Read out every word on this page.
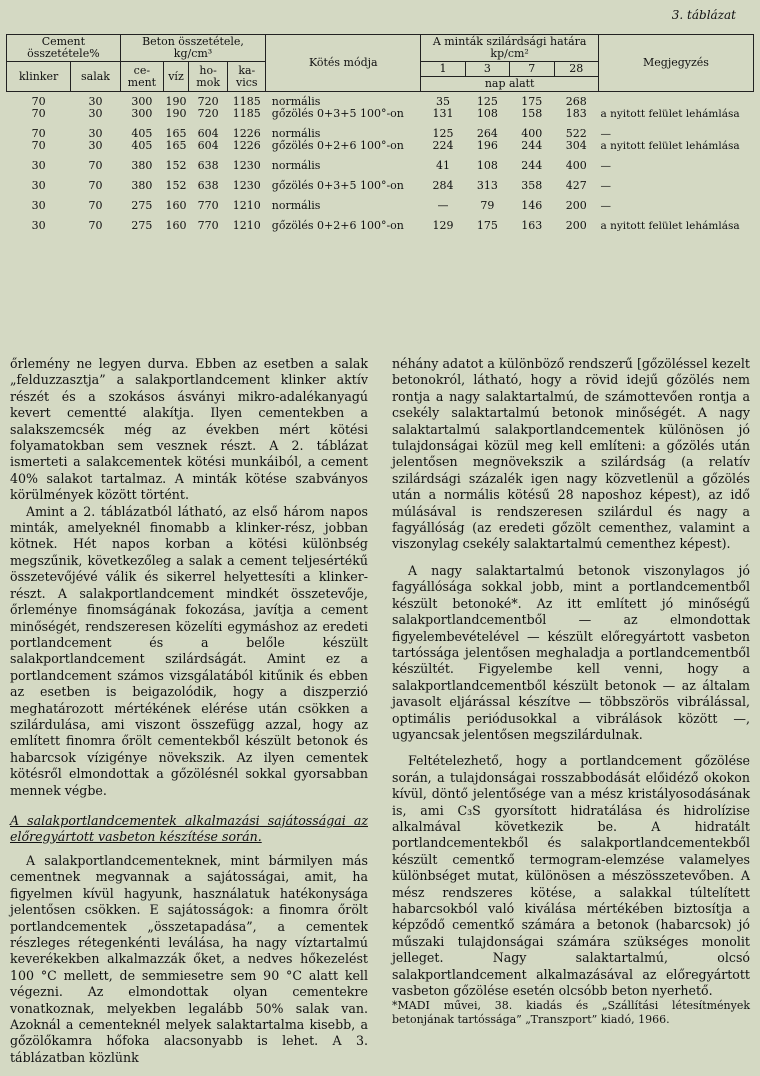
3. táblázat
Cement összetétele%		Beton összetétele, kg/cm³				Kötés módja	A minták szilárdsági határa kp/cm²				Megjegyzés
klinker	salak	cement	víz	homok	kavics		1	3	7	28	
							nap alatt				
70	30	300	190	720	1185	normális	35	125	175	268	
70	30	300	190	720	1185	gőzölés 0+3+5 100°-on	131	108	158	183	a nyitott felület lehámlása
70	30	405	165	604	1226	normális	125	264	400	522	—
70	30	405	165	604	1226	gőzölés 0+2+6 100°-on	224	196	244	304	a nyitott felület lehámlása
30	70	380	152	638	1230	normális	41	108	244	400	—
30	70	380	152	638	1230	gőzölés 0+3+5 100°-on	284	313	358	427	—
30	70	275	160	770	1210	normális	—	79	146	200	—
30	70	275	160	770	1210	gőzölés 0+2+6 100°-on	129	175	163	200	a nyitott felület lehámlása

őrlemény ne legyen durva. Ebben az esetben a salak „felduzzasztja” a salakportlandcement klinker aktív részét és a szokásos ásványi mikro-adalékanyagú kevert cementté alakítja. Ilyen cementekben a salakszemcsék még az években mért kötési folyamatokban sem vesznek részt. A 2. táblázat ismerteti a salakcementek kötési munkáiból, a cement 40% salakot tartalmaz. A minták kötése szabványos körülmények között történt.

Amint a 2. táblázatból látható, az első három napos minták, amelyeknél finomabb a klinker-rész, jobban kötnek. Hét napos korban a kötési különbség megszűnik, következőleg a salak a cement teljesértékű összetevőjévé válik és sikerrel helyettesíti a klinker-részt. A salakportlandcement mindkét összetevője, őrleménye finomságának fokozása, javítja a cement minőségét, rendszeresen közelíti egymáshoz az eredeti portlandcement és a belőle készült salakportlandcement szilárdságát. Amint ez a portlandcement számos vizsgálatából kitűnik és ebben az esetben is beigazolódik, hogy a diszperzió meghatározott mértékének elérése után csökken a szilárdulása, ami viszont összefügg azzal, hogy az említett finomra őrölt cementekből készült betonok és habarcsok vízigénye növekszik. Az ilyen cementek kötésről elmondottak a gőzölésnél sokkal gyorsabban mennek végbe.

A salakportlandcementek alkalmazási sajátosságai az előregyártott vasbeton készítése során.

A salakportlandcementeknek, mint bármilyen más cementnek megvannak a sajátosságai, amit, ha figyelmen kívül hagyunk, használatuk hatékonysága jelentősen csökken. E sajátosságok: a finomra őrölt portlandcementek „összetapadása”, a cementek részleges rétegenkénti leválása, ha nagy víztartalmú keverékekben alkalmazzák őket, a nedves hőkezelést 100 °C mellett, de semmiesetre sem 90 °C alatt kell végezni. Az elmondottak olyan cementekre vonatkoznak, melyekben legalább 50% salak van. Azoknál a cementeknél melyek salaktartalma kisebb, a gőzölőkamra hőfoka alacsonyabb is lehet. A 3. táblázatban közlünk

néhány adatot a különböző rendszerű [gőzöléssel kezelt betonokról, látható, hogy a rövid idejű gőzölés nem rontja a nagy salaktartalmú, de számottevően rontja a csekély salaktartalmú betonok minőségét. A nagy salaktartalmú salakportlandcementek különösen jó tulajdonságai közül meg kell említeni: a gőzölés után jelentősen megnövekszik a szilárdság (a relatív szilárdsági százalék igen nagy közvetlenül a gőzölés után a normális kötésű 28 naposhoz képest), az idő múlásával is rendszeresen szilárdul és nagy a fagyállóság (az eredeti gőzölt cementhez, valamint a viszonylag csekély salaktartalmú cementhez képest).

A nagy salaktartalmú betonok viszonylagos jó fagyállósága sokkal jobb, mint a portlandcementből készült betonoké*. Az itt említett jó minőségű salakportlandcementből — az elmondottak figyelembevételével — készült előregyártott vasbeton tartóssága jelentősen meghaladja a portlandcementből készültét. Figyelembe kell venni, hogy a salakportlandcementből készült betonok — az általam javasolt eljárással készítve — többszörös vibrálással, optimális periódusokkal a vibrálások között —, ugyancsak jelentősen megszilárdulnak.

Feltételezhető, hogy a portlandcement gőzölése során, a tulajdonságai rosszabbodását előidéző okokon kívül, döntő jelentősége van a mész kristályosodásának is, ami C₃S gyorsított hidratálása és hidrolízise alkalmával következik be. A hidratált portlandcementekből és salakportlandcementekből készült cementkő termogram-elemzése valamelyes különbséget mutat, különösen a mészösszetevőben. A mész rendszeres kötése, a salakkal túltelített habarcsokból való kiválása mértékében biztosítja a képződő cementkő számára a betonok (habarcsok) jó műszaki tulajdonságai számára szükséges monolit jelleget. Nagy salaktartalmú, olcsó salakportlandcement alkalmazásával az előregyártott vasbeton gőzölése esetén olcsóbb beton nyerhető.

*MADI művei, 38. kiadás és „Szállítási létesítmények betonjának tartóssága” „Transzport” kiadó, 1966.
